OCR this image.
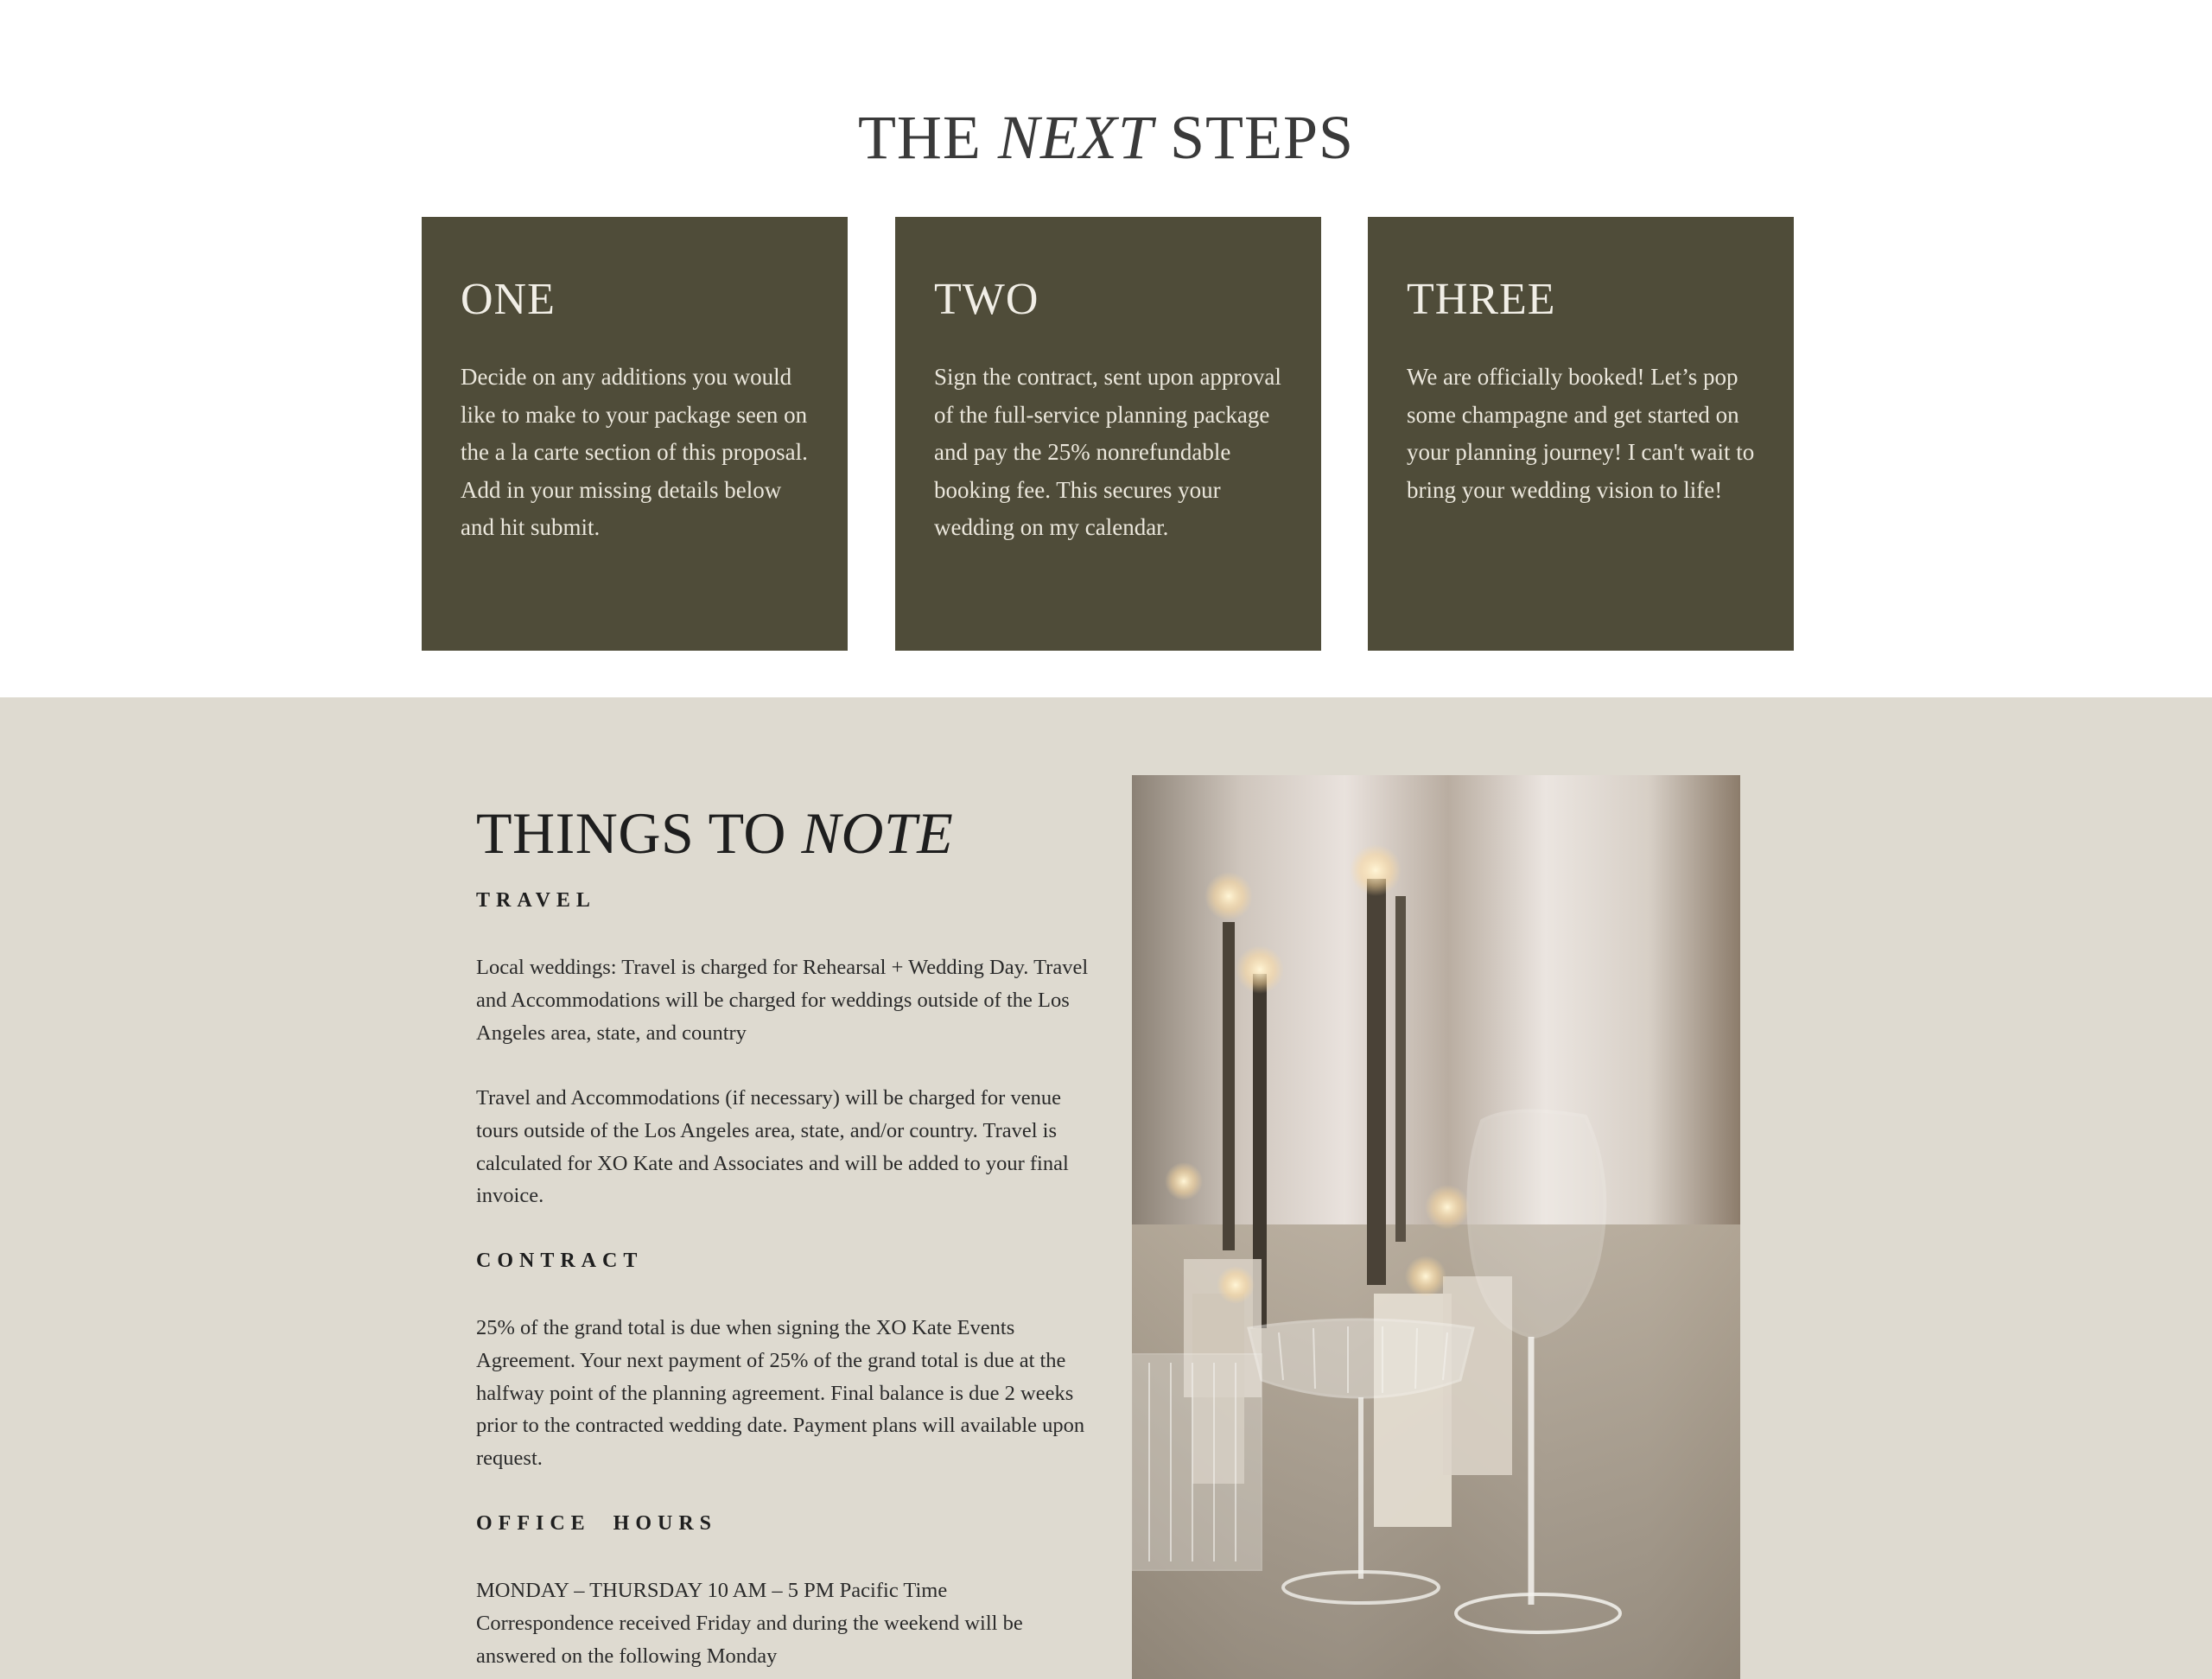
THE NEXT STEPS
ONE

Decide on any additions you would like to make to your package seen on the a la carte section of this proposal. Add in your missing details below and hit submit.

TWO

Sign the contract, sent upon approval of the full-service planning package and pay the 25% nonrefundable booking fee. This secures your wedding on my calendar.

THREE

We are officially booked! Let’s pop some champagne and get started on your planning journey! I can't wait to bring your wedding vision to life!

THINGS TO NOTE
TRAVEL

Local weddings: Travel is charged for Rehearsal + Wedding Day. Travel and Accommodations will be charged for weddings outside of the Los Angeles area, state, and country

Travel and Accommodations (if necessary) will be charged for venue tours outside of the Los Angeles area, state, and/or country. Travel is calculated for XO Kate and Associates and will be added to your final invoice.

CONTRACT

25% of the grand total is due when signing the XO Kate Events Agreement. Your next payment of 25% of the grand total is due at the halfway point of the planning agreement. Final balance is due 2 weeks prior to the contracted wedding date. Payment plans will available upon request.

OFFICE  HOURS

MONDAY – THURSDAY 10 AM – 5 PM Pacific Time

Correspondence received Friday and during the weekend will be answered on the following Monday
